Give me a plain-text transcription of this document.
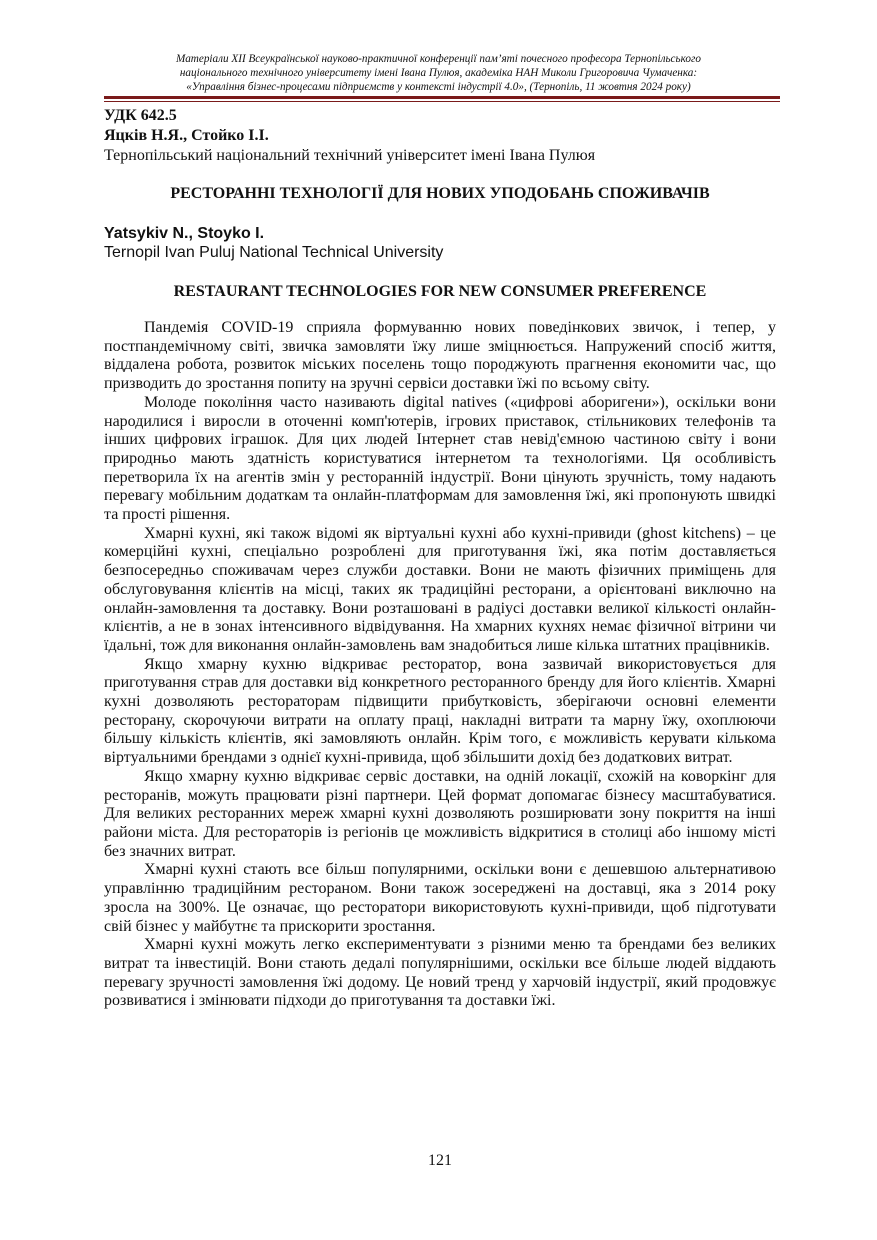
Матеріали XII Всеукраїнської науково-практичної конференції пам’яті почесного професора Тернопільського
національного технічного університету імені Івана Пулюя, академіка НАН Миколи Григоровича Чумаченка:
«Управління бізнес-процесами підприємств у контексті індустрії 4.0», (Тернопіль, 11 жовтня 2024 року)
УДК 642.5
Яцків Н.Я., Стойко І.І.
Тернопільський національний технічний університет імені Івана Пулюя
РЕСТОРАННІ ТЕХНОЛОГІЇ ДЛЯ НОВИХ УПОДОБАНЬ СПОЖИВАЧІВ
Yatsykiv N., Stoyko I.
Ternopil Ivan Puluj National Technical University
RESTAURANT TECHNOLOGIES FOR NEW CONSUMER PREFERENCE

Пандемія COVID-19 сприяла формуванню нових поведінкових звичок, і тепер, у постпандемічному світі, звичка замовляти їжу лише зміцнюється. Напружений спосіб життя, віддалена робота, розвиток міських поселень тощо породжують прагнення економити час, що призводить до зростання попиту на зручні сервіси доставки їжі по всьому світу.

Молоде покоління часто називають digital natives («цифрові аборигени»), оскільки вони народилися і виросли в оточенні комп'ютерів, ігрових приставок, стільникових телефонів та інших цифрових іграшок. Для цих людей Інтернет став невід'ємною частиною світу і вони природньо мають здатність користуватися інтернетом та технологіями. Ця особливість перетворила їх на агентів змін у ресторанній індустрії. Вони цінують зручність, тому надають перевагу мобільним додаткам та онлайн-платформам для замовлення їжі, які пропонують швидкі та прості рішення.

Хмарні кухні, які також відомі як віртуальні кухні або кухні-привиди (ghost kitchens) – це комерційні кухні, спеціально розроблені для приготування їжі, яка потім доставляється безпосередньо споживачам через служби доставки. Вони не мають фізичних приміщень для обслуговування клієнтів на місці, таких як традиційні ресторани, а орієнтовані виключно на онлайн-замовлення та доставку. Вони розташовані в радіусі доставки великої кількості онлайн-клієнтів, а не в зонах інтенсивного відвідування. На хмарних кухнях немає фізичної вітрини чи їдальні, тож для виконання онлайн-замовлень вам знадобиться лише кілька штатних працівників.

Якщо хмарну кухню відкриває ресторатор, вона зазвичай використовується для приготування страв для доставки від конкретного ресторанного бренду для його клієнтів. Хмарні кухні дозволяють рестораторам підвищити прибутковість, зберігаючи основні елементи ресторану, скорочуючи витрати на оплату праці, накладні витрати та марну їжу, охоплюючи більшу кількість клієнтів, які замовляють онлайн. Крім того, є можливість керувати кількома віртуальними брендами з однієї кухні-привида, щоб збільшити дохід без додаткових витрат.

Якщо хмарну кухню відкриває сервіс доставки, на одній локації, схожій на коворкінг для ресторанів, можуть працювати різні партнери. Цей формат допомагає бізнесу масштабуватися. Для великих ресторанних мереж хмарні кухні дозволяють розширювати зону покриття на інші райони міста. Для рестораторів із регіонів це можливість відкритися в столиці або іншому місті без значних витрат.

Хмарні кухні стають все більш популярними, оскільки вони є дешевшою альтернативою управлінню традиційним рестораном. Вони також зосереджені на доставці, яка з 2014 року зросла на 300%. Це означає, що ресторатори використовують кухні-привиди, щоб підготувати свій бізнес у майбутнє та прискорити зростання.

Хмарні кухні можуть легко експериментувати з різними меню та брендами без великих витрат та інвестицій. Вони стають дедалі популярнішими, оскільки все більше людей віддають перевагу зручності замовлення їжі додому. Це новий тренд у харчовій індустрії, який продовжує розвиватися і змінювати підходи до приготування та доставки їжі.

121
